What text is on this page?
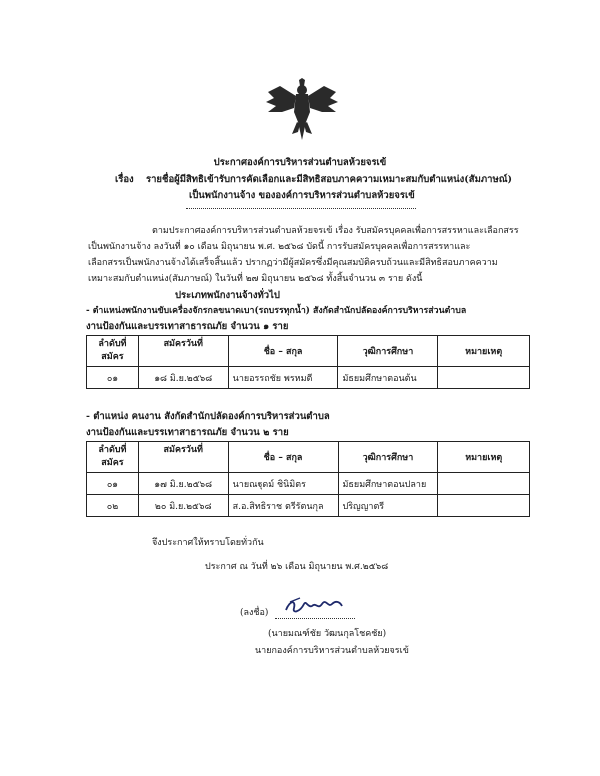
ประกาศองค์การบริหารส่วนตำบลห้วยจรเข้
เรื่อง รายชื่อผู้มีสิทธิเข้ารับการคัดเลือกและมีสิทธิสอบภาคความเหมาะสมกับตำแหน่ง(สัมภาษณ์)
เป็นพนักงานจ้าง ขององค์การบริหารส่วนตำบลห้วยจรเข้
ตามประกาศองค์การบริหารส่วนตำบลห้วยจรเข้ เรื่อง รับสมัครบุคคลเพื่อการสรรหาและเลือกสรร
เป็นพนักงานจ้าง ลงวันที่ ๑๐ เดือน มิถุนายน พ.ศ. ๒๕๖๘ บัดนี้ การรับสมัครบุคคลเพื่อการสรรหาและ
เลือกสรรเป็นพนักงานจ้างได้เสร็จสิ้นแล้ว ปรากฏว่ามีผู้สมัครซึ่งมีคุณสมบัติครบถ้วนและมีสิทธิสอบภาคความ
เหมาะสมกับตำแหน่ง(สัมภาษณ์) ในวันที่ ๒๗ มิถุนายน ๒๕๖๘ ทั้งสิ้นจำนวน ๓ ราย ดังนี้
ประเภทพนักงานจ้างทั่วไป
- ตำแหน่งพนักงานขับเครื่องจักรกลขนาดเบา(รถบรรทุกน้ำ) สังกัดสำนักปลัดองค์การบริหารส่วนตำบล
งานป้องกันและบรรเทาสาธารณภัย จำนวน ๑ ราย
ลำดับที่
สมัคร	สมัครวันที่	ชื่อ – สกุล	วุฒิการศึกษา	หมายเหตุ
๐๑	๑๘ มิ.ย.๒๕๖๘	นายอรรถชัย พรหมตี	มัธยมศึกษาตอนต้น	
- ตำแหน่ง คนงาน สังกัดสำนักปลัดองค์การบริหารส่วนตำบล
งานป้องกันและบรรเทาสาธารณภัย จำนวน ๒ ราย
ลำดับที่
สมัคร	สมัครวันที่	ชื่อ – สกุล	วุฒิการศึกษา	หมายเหตุ
๐๑	๑๗ มิ.ย.๒๕๖๘	นายณฐุดม์ ชินิมิตร	มัธยมศึกษาตอนปลาย	
๐๒	๒๐ มิ.ย.๒๕๖๘	ส.อ.สิทธิราช ตรีรัตนกุล	ปริญญาตรี	
จึงประกาศให้ทราบโดยทั่วกัน
ประกาศ ณ วันที่ ๒๖ เดือน มิถุนายน พ.ศ.๒๕๖๘
(ลงชื่อ)
(นายมณฑ์ชัย วัฒนกุลโชคชัย)
นายกองค์การบริหารส่วนตำบลห้วยจรเข้
